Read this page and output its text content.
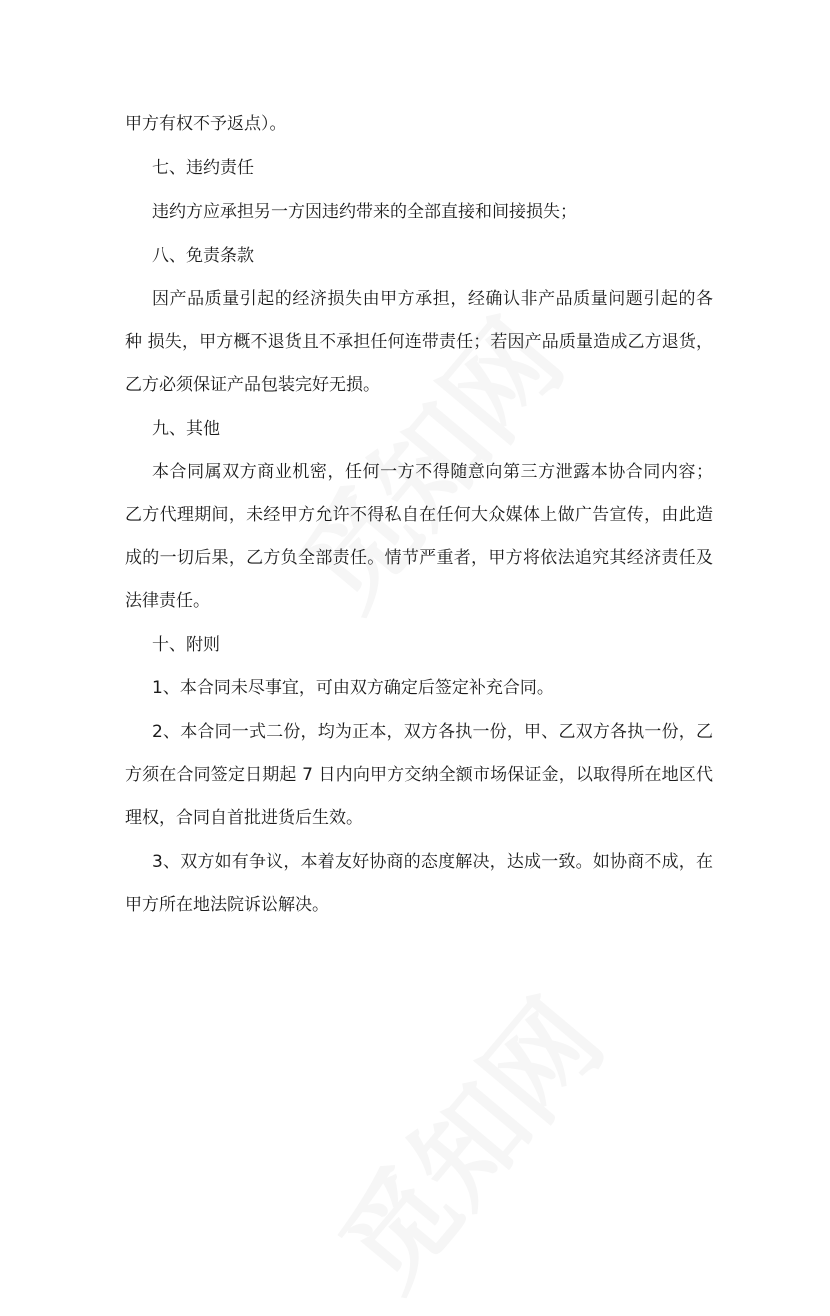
甲方有权不予返点）。
七、违约责任
违约方应承担另一方因违约带来的全部直接和间接损失；
八、免责条款
因产品质量引起的经济损失由甲方承担，经确认非产品质量问题引起的各
种 损失，甲方概不退货且不承担任何连带责任；若因产品质量造成乙方退货，
乙方必须保证产品包装完好无损。
九、其他
本合同属双方商业机密，任何一方不得随意向第三方泄露本协合同内容；
乙方代理期间，未经甲方允许不得私自在任何大众媒体上做广告宣传，由此造
成的一切后果，乙方负全部责任。情节严重者，甲方将依法追究其经济责任及
法律责任。
十、附则
1、本合同未尽事宜，可由双方确定后签定补充合同。
2、本合同一式二份，均为正本，双方各执一份，甲、乙双方各执一份，乙
方须在合同签定日期起 7 日内向甲方交纳全额市场保证金，以取得所在地区代
理权，合同自首批进货后生效。
3、双方如有争议，本着友好协商的态度解决，达成一致。如协商不成，在
甲方所在地法院诉讼解决。
